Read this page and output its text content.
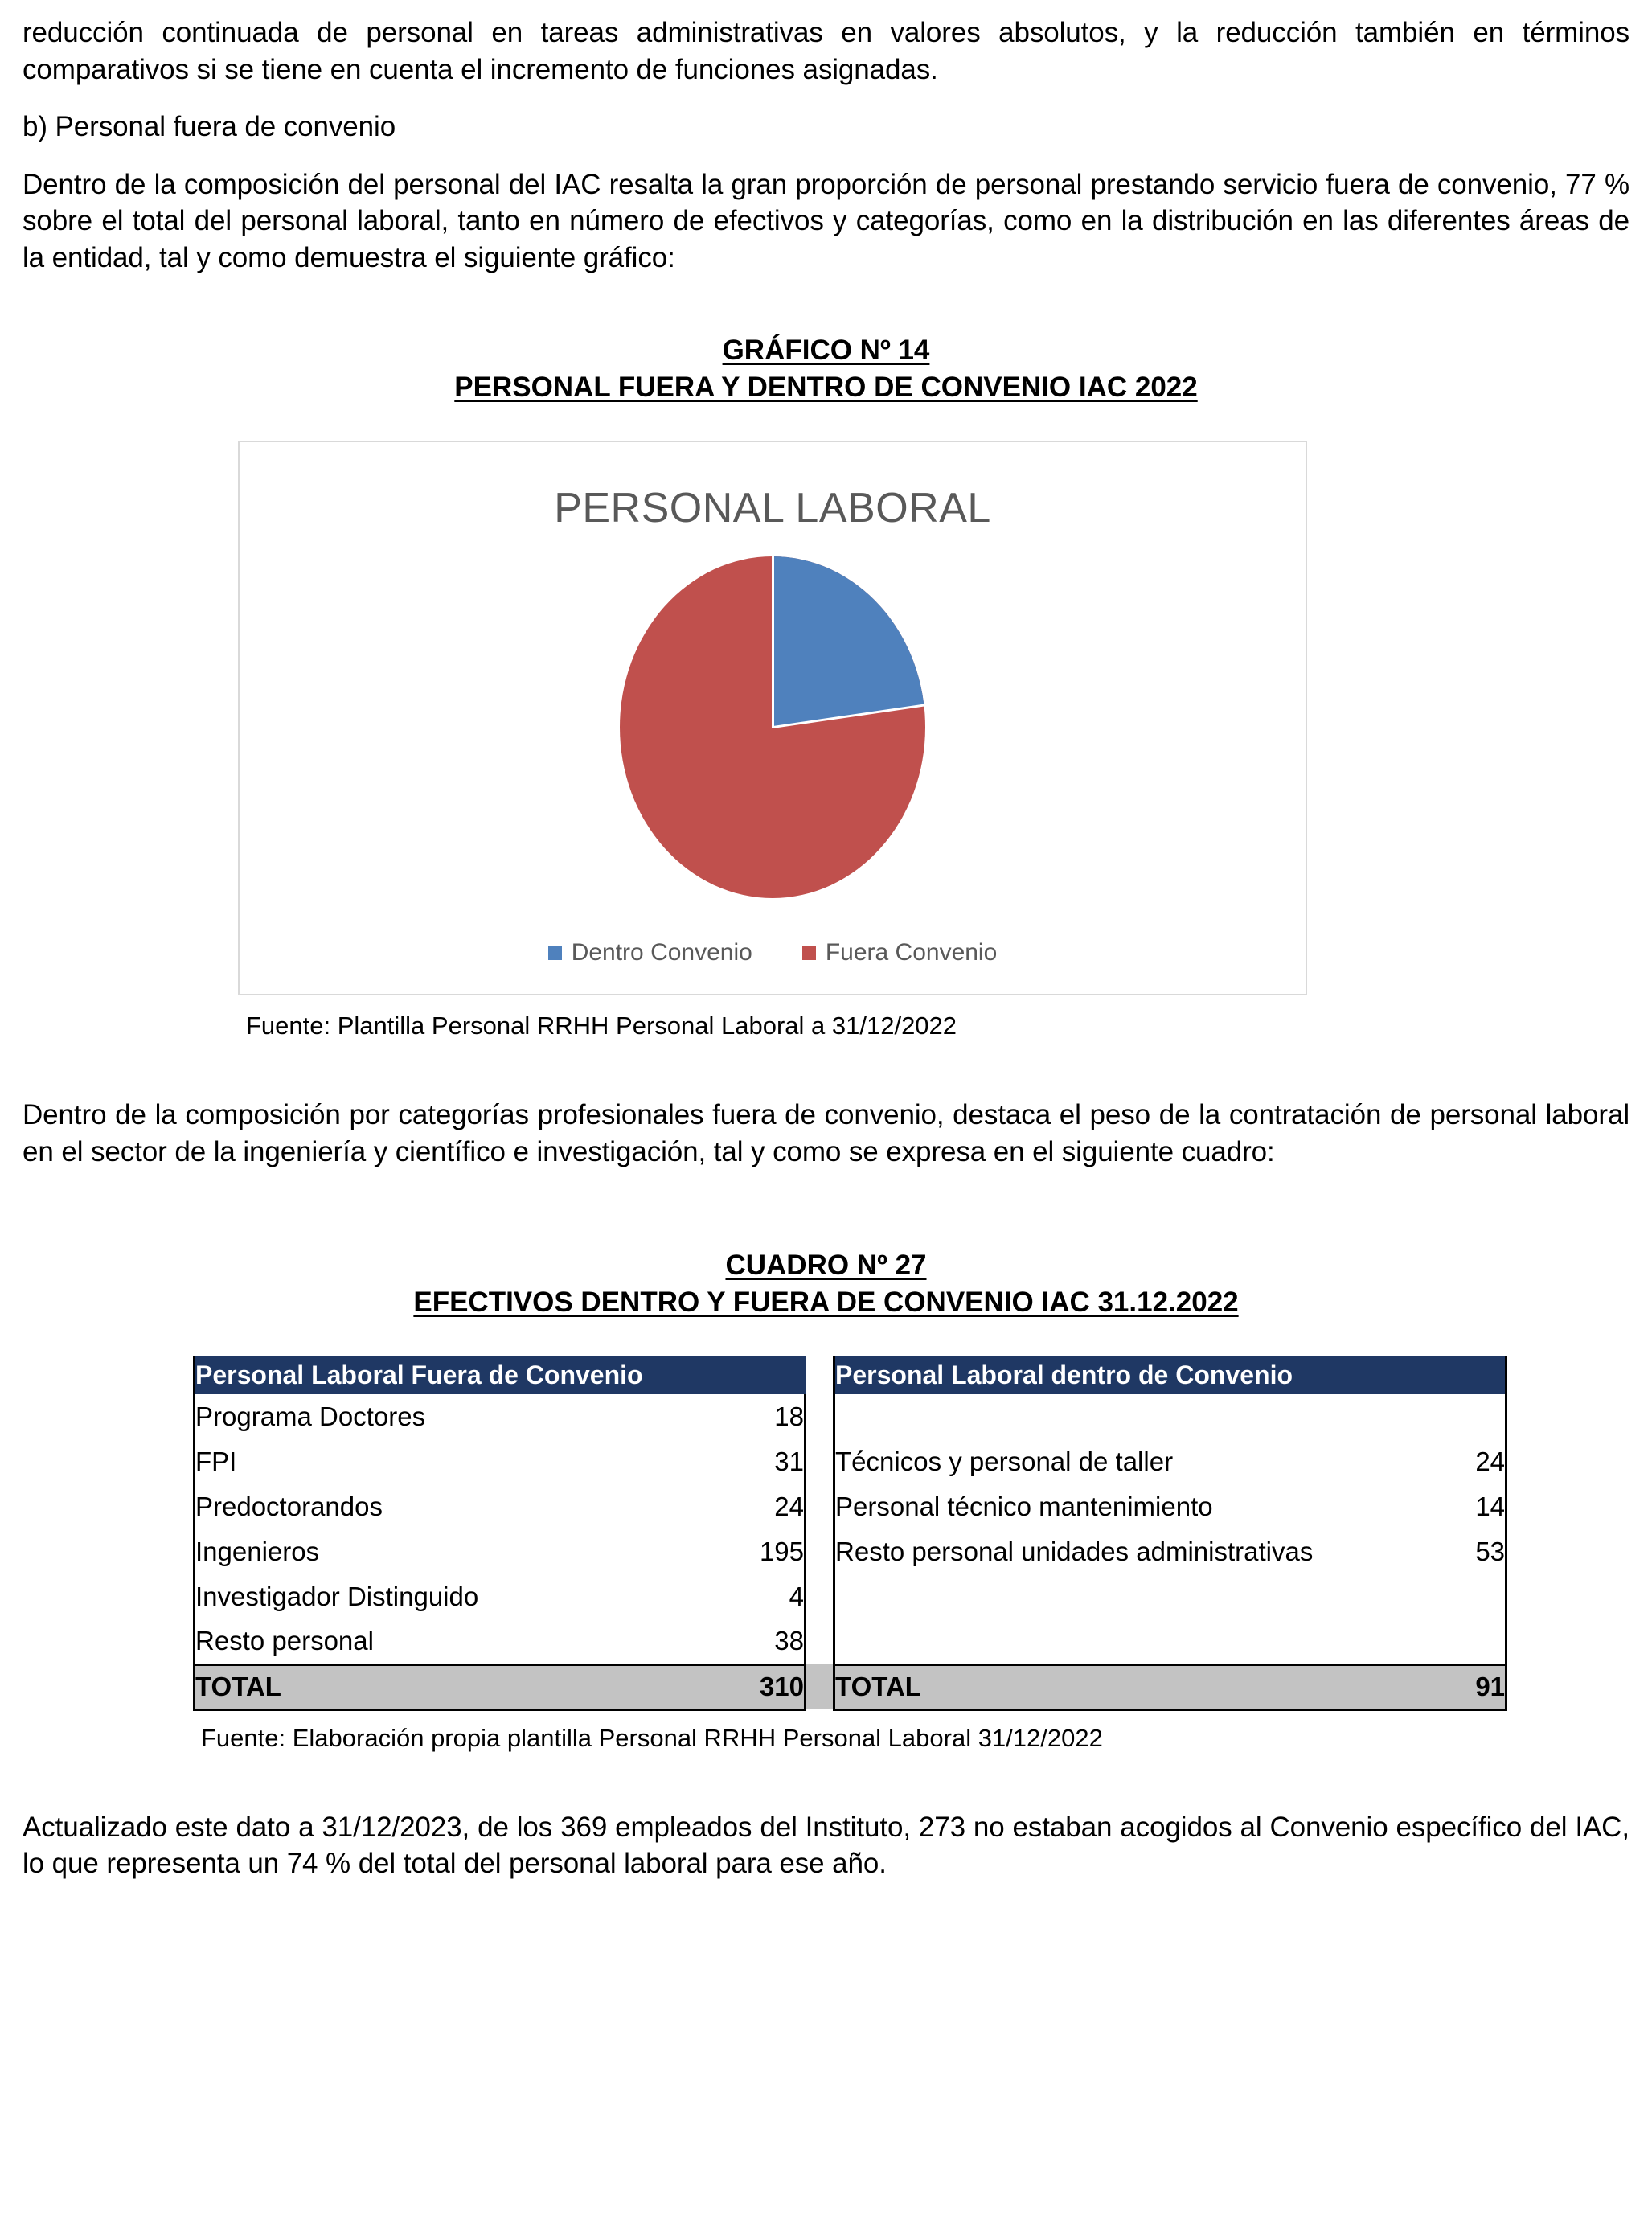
reducción continuada de personal en tareas administrativas en valores absolutos, y la reducción también en términos comparativos si se tiene en cuenta el incremento de funciones asignadas.

b) Personal fuera de convenio

Dentro de la composición del personal del IAC resalta la gran proporción de personal prestando servicio fuera de convenio, 77 % sobre el total del personal laboral, tanto en número de efectivos y categorías, como en la distribución en las diferentes áreas de la entidad, tal y como demuestra el siguiente gráfico:

GRÁFICO Nº 14
PERSONAL FUERA Y DENTRO DE CONVENIO IAC 2022
PERSONAL LABORAL
Dentro Convenio	Fuera Convenio
Fuente: Plantilla Personal RRHH Personal Laboral a 31/12/2022

Dentro de la composición por categorías profesionales fuera de convenio, destaca el peso de la contratación de personal laboral en el sector de la ingeniería y científico e investigación, tal y como se expresa en el siguiente cuadro:

CUADRO Nº 27
EFECTIVOS DENTRO Y FUERA DE CONVENIO IAC 31.12.2022
Personal Laboral Fuera de Convenio			Personal Laboral dentro de Convenio	
Programa Doctores	18			
FPI	31		Técnicos y personal de taller	24
Predoctorandos	24		Personal técnico mantenimiento	14
Ingenieros	195		Resto personal unidades administrativas	53
Investigador Distinguido	4			
Resto personal	38			
TOTAL	310		TOTAL	91
Fuente: Elaboración propia plantilla Personal RRHH Personal Laboral 31/12/2022

Actualizado este dato a 31/12/2023, de los 369 empleados del Instituto, 273 no estaban acogidos al Convenio específico del IAC, lo que representa un 74 % del total del personal laboral para ese año.
